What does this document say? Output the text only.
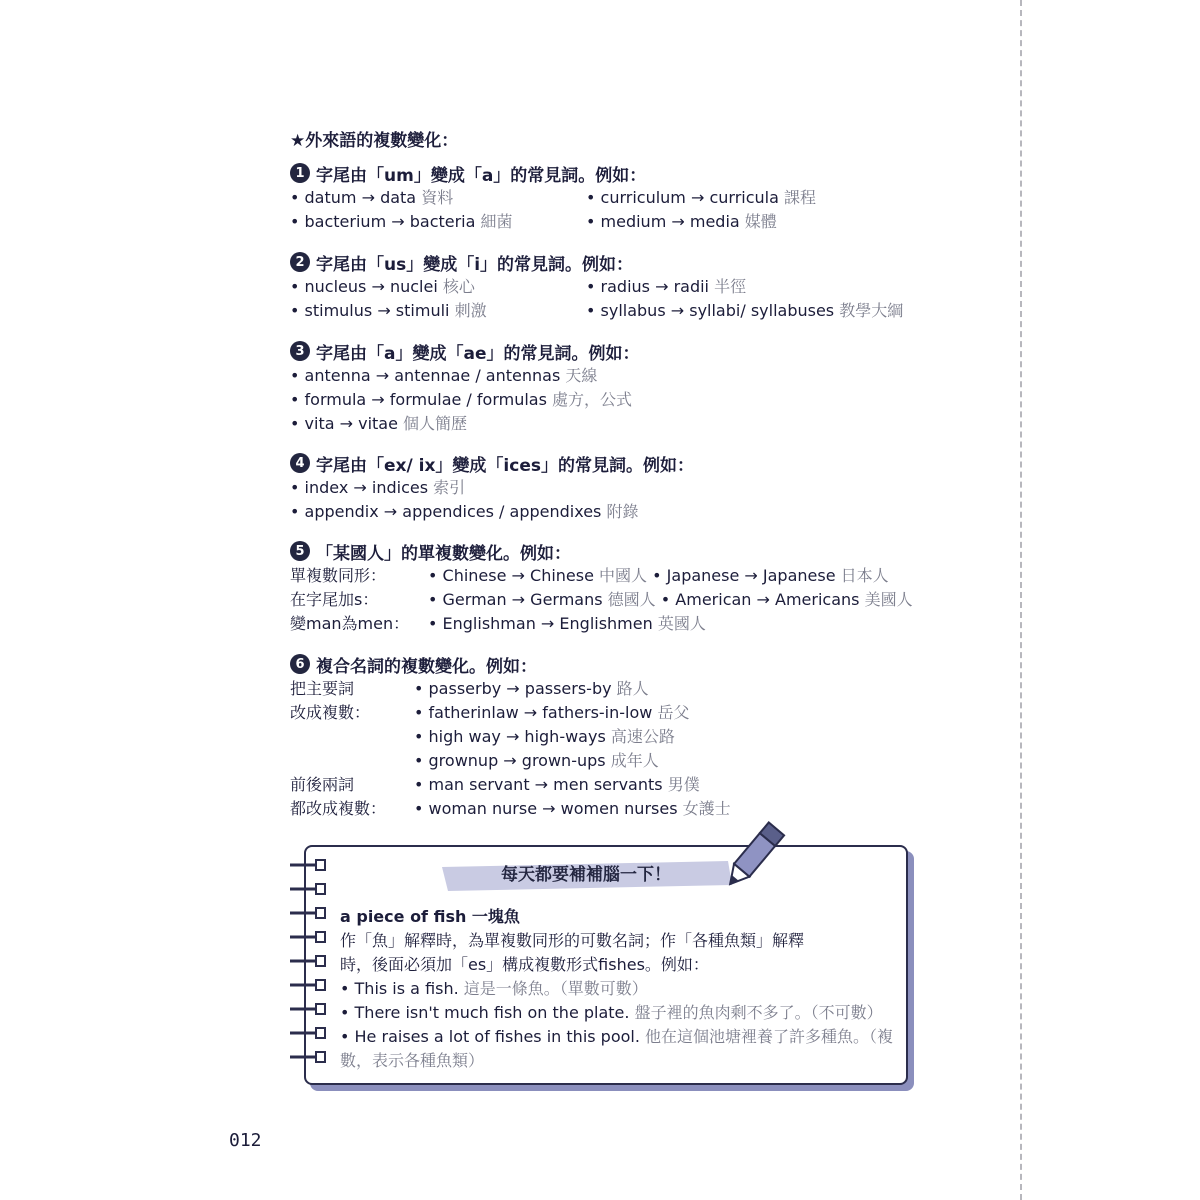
★外來語的複數變化：
1 字尾由「um」變成「a」的常見詞。例如：
• datum → data 資料	• curriculum → curricula 課程
• bacterium → bacteria 細菌	• medium → media 媒體
2 字尾由「us」變成「i」的常見詞。例如：
• nucleus → nuclei 核心	• radius → radii 半徑
• stimulus → stimuli 刺激	• syllabus → syllabi/ syllabuses 教學大綱
3 字尾由「a」變成「ae」的常見詞。例如：
• antenna → antennae / antennas 天線
• formula → formulae / formulas 處方，公式
• vita → vitae 個人簡歷
4 字尾由「ex/ ix」變成「ices」的常見詞。例如：
• index → indices 索引
• appendix → appendices / appendixes 附錄
5 「某國人」的單複數變化。例如：
單複數同形：	• Chinese → Chinese 中國人 • Japanese → Japanese 日本人
在字尾加s：	• German → Germans 德國人 • American → Americans 美國人
變man為men：	• Englishman → Englishmen 英國人
6 複合名詞的複數變化。例如：
把主要詞	• passerby → passers-by 路人
改成複數：	• fatherinlaw → fathers-in-low 岳父
• high way → high-ways 高速公路
• grownup → grown-ups 成年人
前後兩詞	• man servant → men servants 男僕
都改成複數：	• woman nurse → women nurses 女護士
每天都要補補腦一下！
a piece of fish 一塊魚
作「魚」解釋時，為單複數同形的可數名詞；作「各種魚類」解釋
時，後面必須加「es」構成複數形式fishes。例如：
• This is a fish. 這是一條魚。（單數可數）
• There isn't much fish on the plate. 盤子裡的魚肉剩不多了。（不可數）
• He raises a lot of fishes in this pool. 他在這個池塘裡養了許多種魚。（複
數，表示各種魚類）
012
